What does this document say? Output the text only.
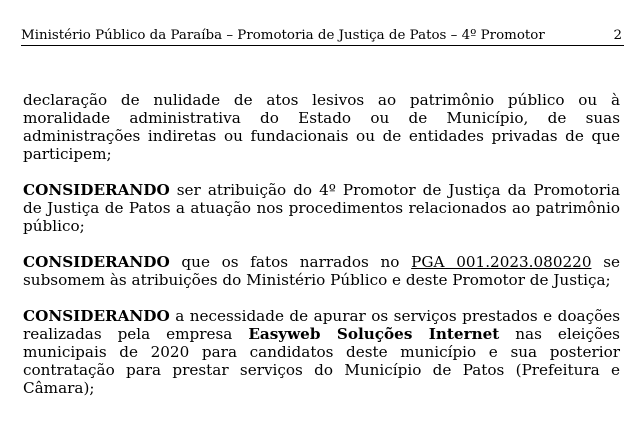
Ministério Público da Paraíba – Promotoria de Justiça de Patos – 4º Promotor	2

declaração de nulidade de atos lesivos ao patrimônio público ou à moralidade administrativa do Estado ou de Município, de suas administrações indiretas ou fundacionais ou de entidades privadas de que participem;

CONSIDERANDO ser atribuição do 4º Promotor de Justiça da Promotoria de Justiça de Patos a atuação nos procedimentos relacionados ao patrimônio público;

CONSIDERANDO que os fatos narrados no PGA 001.2023.080220 se subsomem às atribuições do Ministério Público e deste Promotor de Justiça;

CONSIDERANDO a necessidade de apurar os serviços prestados e doações realizadas pela empresa Easyweb Soluções Internet nas eleições municipais de 2020 para candidatos deste município e sua posterior contratação para prestar serviços do Município de Patos (Prefeitura e Câmara);
